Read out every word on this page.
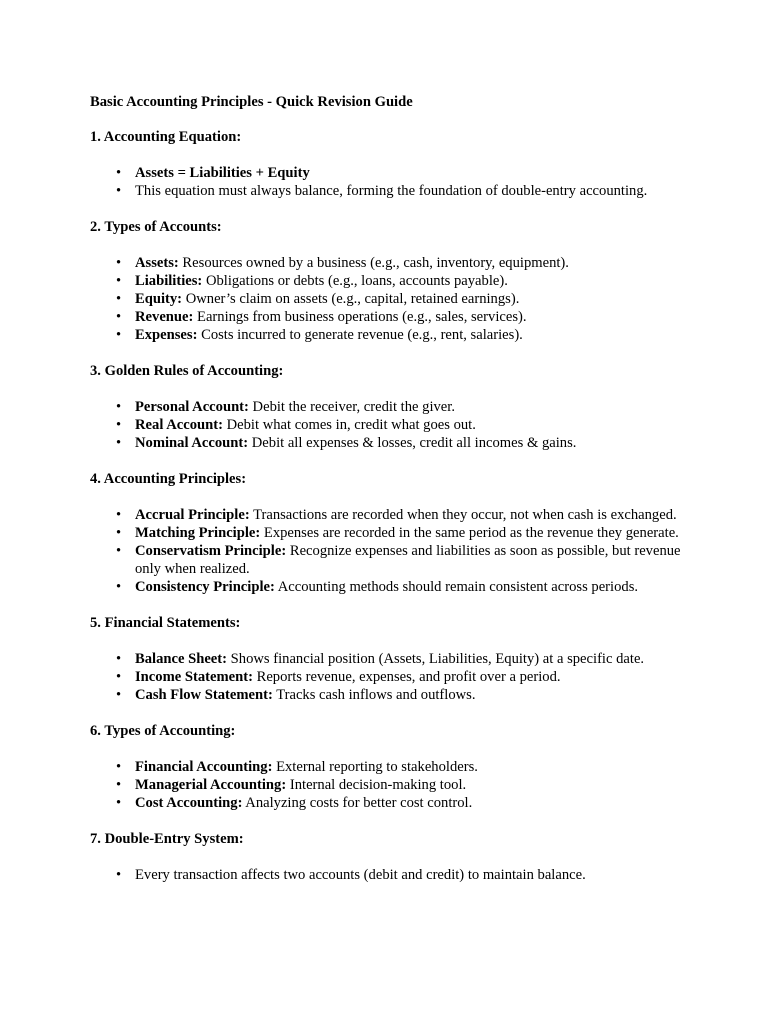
Basic Accounting Principles - Quick Revision Guide
1. Accounting Equation:
• Assets = Liabilities + Equity
• This equation must always balance, forming the foundation of double-entry accounting.
2. Types of Accounts:
• Assets: Resources owned by a business (e.g., cash, inventory, equipment).
• Liabilities: Obligations or debts (e.g., loans, accounts payable).
• Equity: Owner’s claim on assets (e.g., capital, retained earnings).
• Revenue: Earnings from business operations (e.g., sales, services).
• Expenses: Costs incurred to generate revenue (e.g., rent, salaries).
3. Golden Rules of Accounting:
• Personal Account: Debit the receiver, credit the giver.
• Real Account: Debit what comes in, credit what goes out.
• Nominal Account: Debit all expenses & losses, credit all incomes & gains.
4. Accounting Principles:
• Accrual Principle: Transactions are recorded when they occur, not when cash is exchanged.
• Matching Principle: Expenses are recorded in the same period as the revenue they generate.
• Conservatism Principle: Recognize expenses and liabilities as soon as possible, but revenue only when realized.
• Consistency Principle: Accounting methods should remain consistent across periods.
5. Financial Statements:
• Balance Sheet: Shows financial position (Assets, Liabilities, Equity) at a specific date.
• Income Statement: Reports revenue, expenses, and profit over a period.
• Cash Flow Statement: Tracks cash inflows and outflows.
6. Types of Accounting:
• Financial Accounting: External reporting to stakeholders.
• Managerial Accounting: Internal decision-making tool.
• Cost Accounting: Analyzing costs for better cost control.
7. Double-Entry System:
• Every transaction affects two accounts (debit and credit) to maintain balance.
